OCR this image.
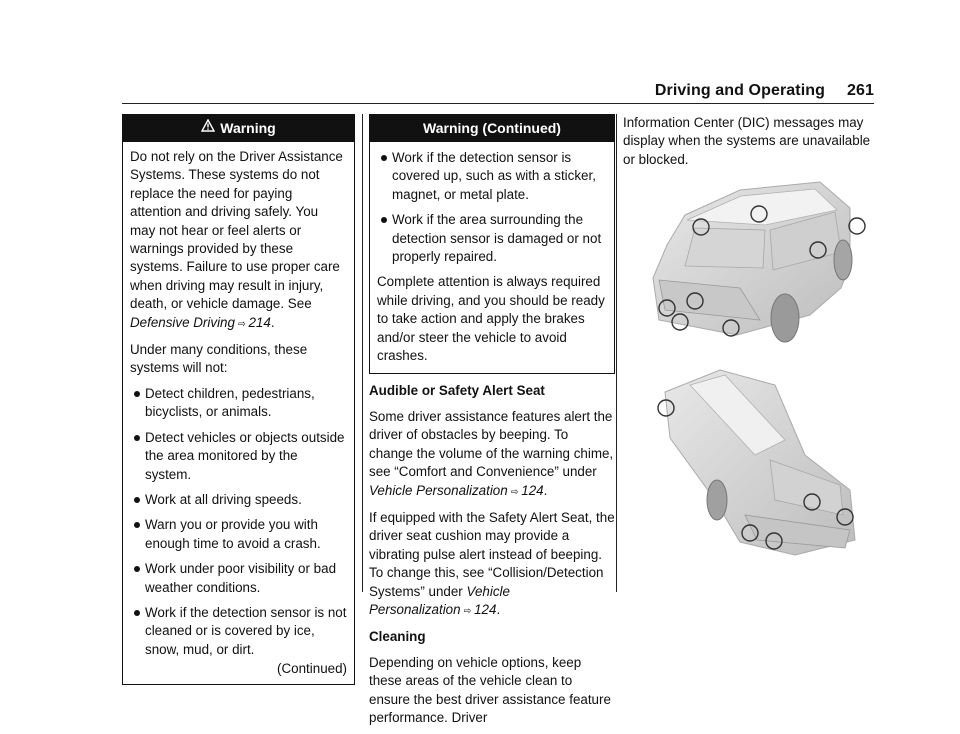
Driving and Operating 261
Warning

Do not rely on the Driver Assistance Systems. These systems do not replace the need for paying attention and driving safely. You may not hear or feel alerts or warnings provided by these systems. Failure to use proper care when driving may result in injury, death, or vehicle damage. See Defensive Driving ⇨ 214.

Under many conditions, these systems will not:

Detect children, pedestrians, bicyclists, or animals.
Detect vehicles or objects outside the area monitored by the system.
Work at all driving speeds.
Warn you or provide you with enough time to avoid a crash.
Work under poor visibility or bad weather conditions.
Work if the detection sensor is not cleaned or is covered by ice, snow, mud, or dirt.
(Continued)
Warning (Continued)
Work if the detection sensor is covered up, such as with a sticker, magnet, or metal plate.
Work if the area surrounding the detection sensor is damaged or not properly repaired.

Complete attention is always required while driving, and you should be ready to take action and apply the brakes and/or steer the vehicle to avoid crashes.

Audible or Safety Alert Seat

Some driver assistance features alert the driver of obstacles by beeping. To change the volume of the warning chime, see “Comfort and Convenience” under Vehicle Personalization ⇨ 124.

If equipped with the Safety Alert Seat, the driver seat cushion may provide a vibrating pulse alert instead of beeping. To change this, see “Collision/Detection Systems” under Vehicle Personalization ⇨ 124.

Cleaning

Depending on vehicle options, keep these areas of the vehicle clean to ensure the best driver assistance feature performance. Driver

Information Center (DIC) messages may display when the systems are unavailable or blocked.
